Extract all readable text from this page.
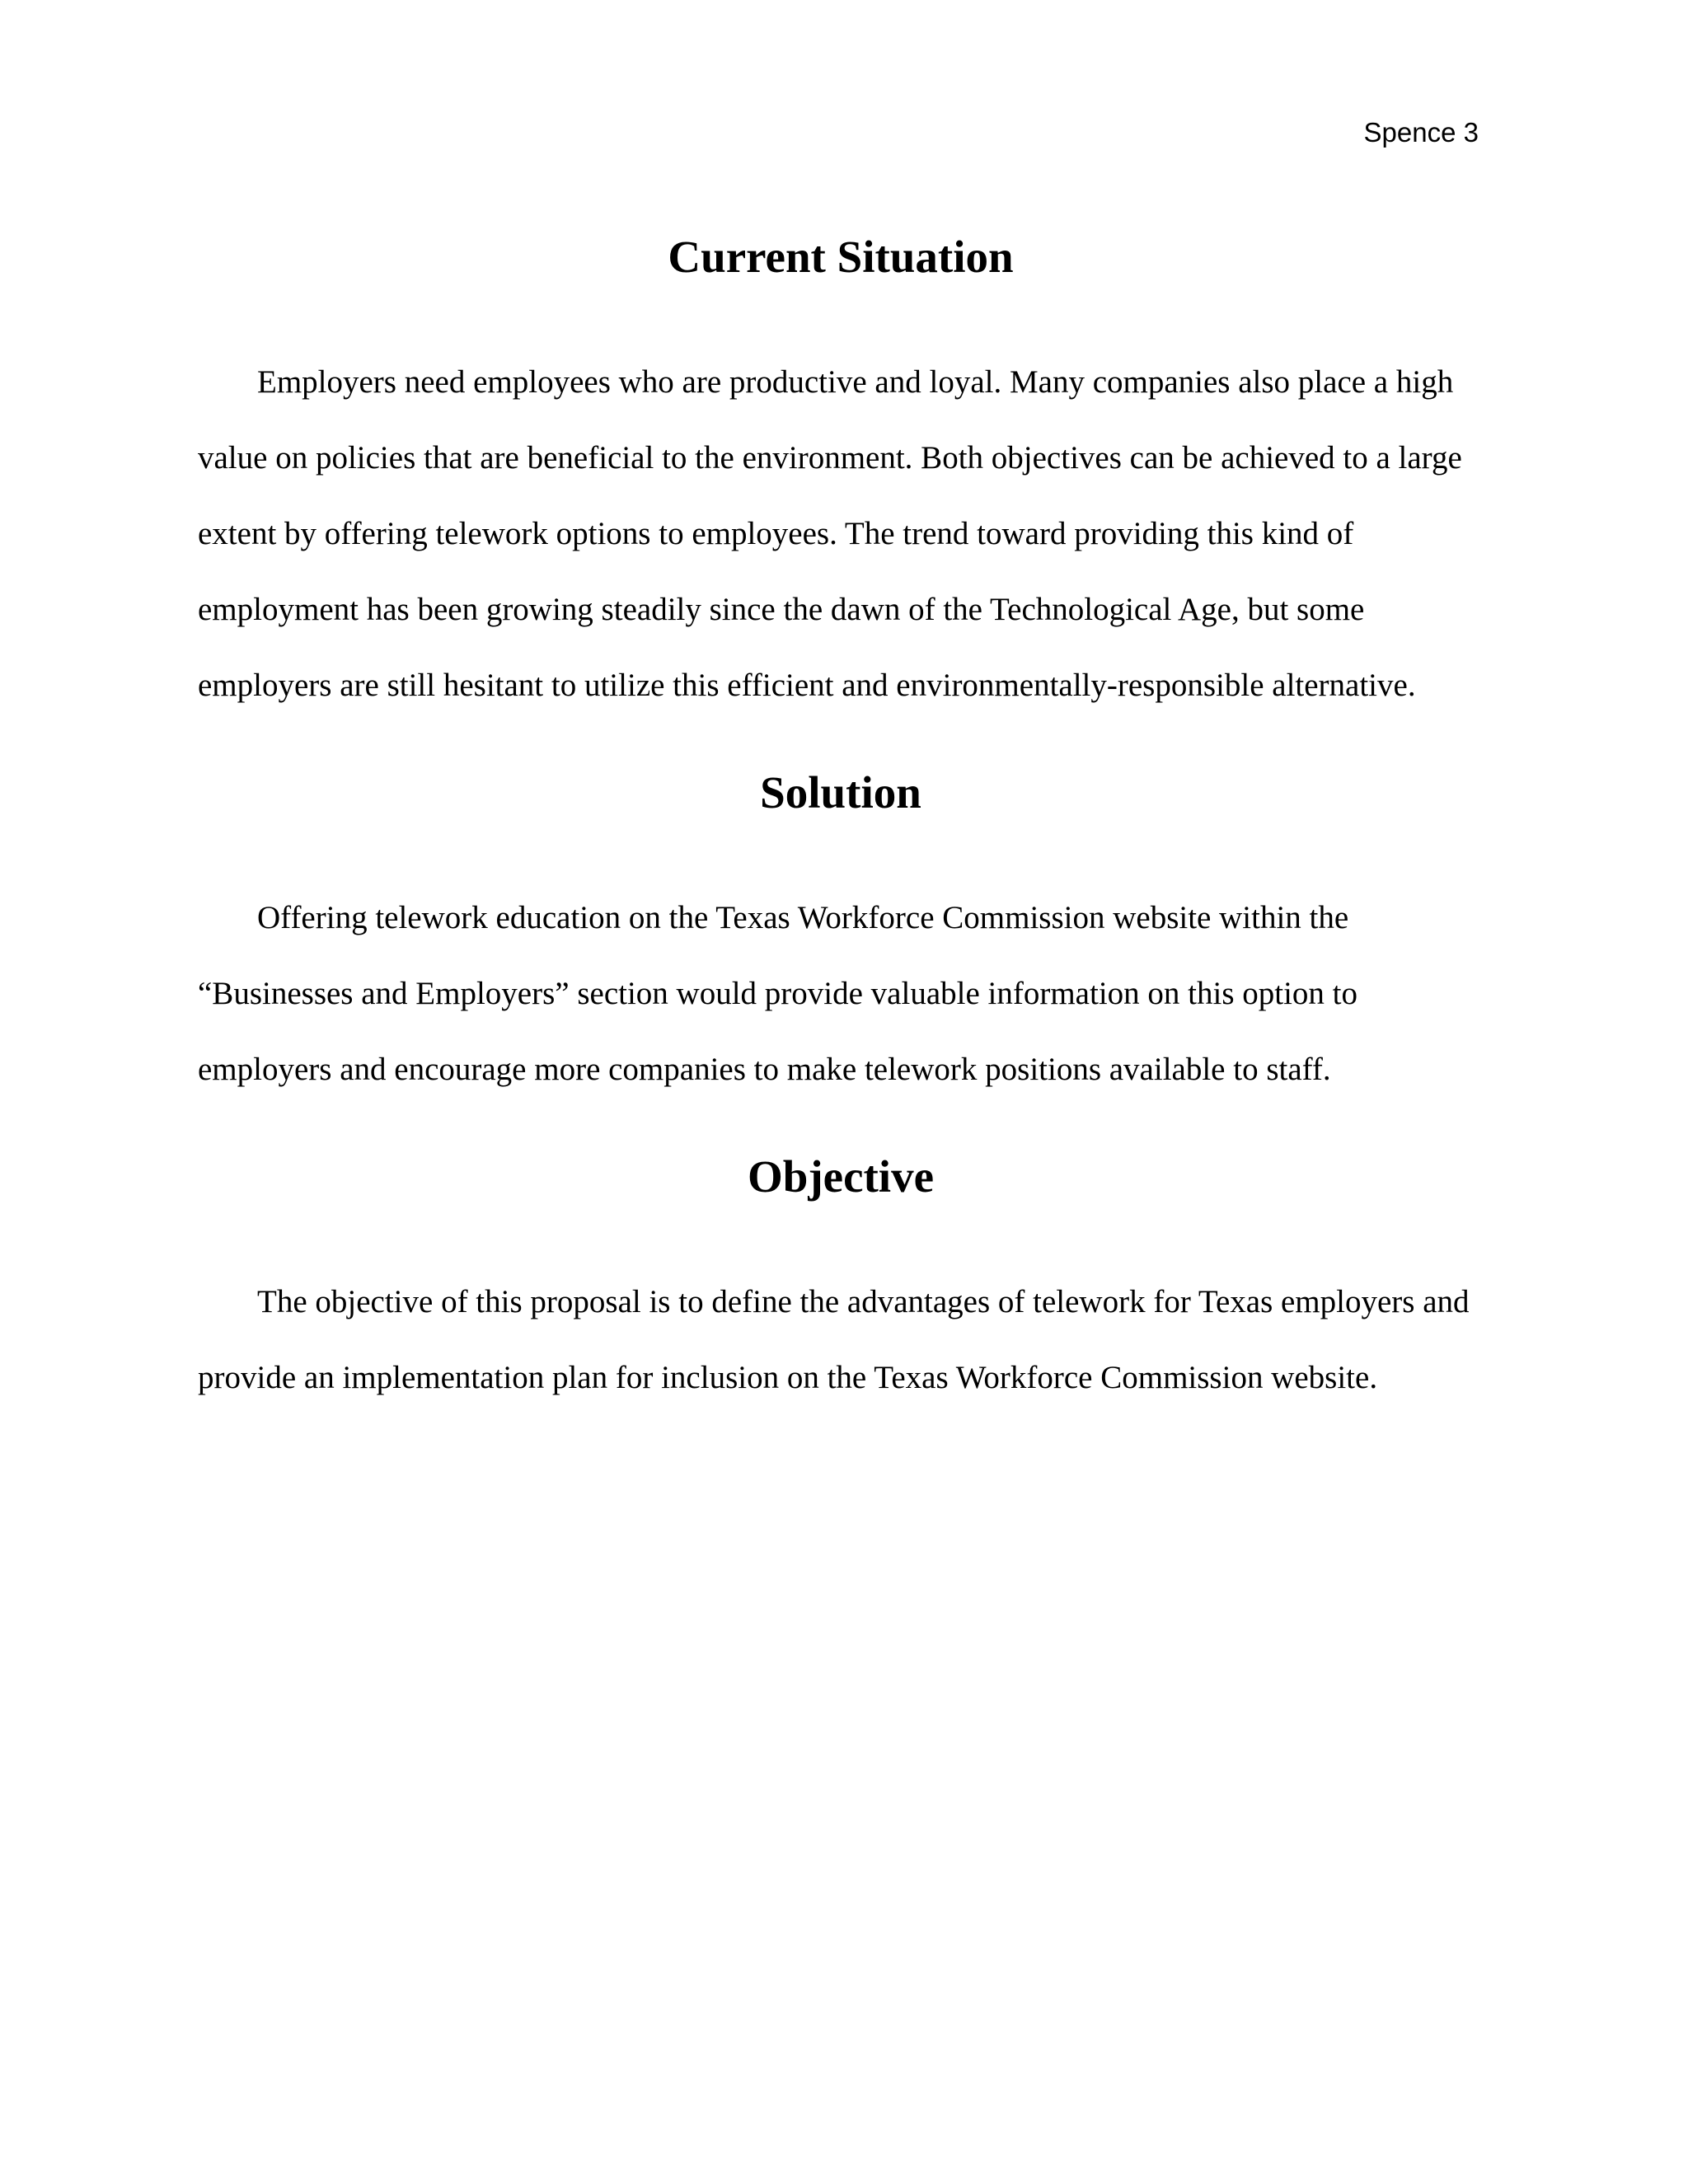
Spence 3

Current Situation

Employers need employees who are productive and loyal. Many companies also place a high value on policies that are beneficial to the environment. Both objectives can be achieved to a large extent by offering telework options to employees. The trend toward providing this kind of employment has been growing steadily since the dawn of the Technological Age, but some employers are still hesitant to utilize this efficient and environmentally-responsible alternative.

Solution

Offering telework education on the Texas Workforce Commission website within the “Businesses and Employers” section would provide valuable information on this option to employers and encourage more companies to make telework positions available to staff.

Objective

The objective of this proposal is to define the advantages of telework for Texas employers and provide an implementation plan for inclusion on the Texas Workforce Commission website.
